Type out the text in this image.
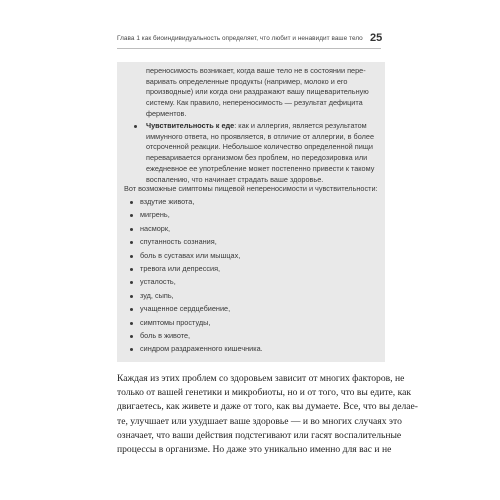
Глава 1 как биоиндивидуальность определяет, что любит и ненавидит ваше тело 25
переносимость возникает, когда ваше тело не в состоянии пере-
варивать определенные продукты (например, молоко и его
производные) или когда они раздражают вашу пищеварительную
систему. Как правило, непереносимость — результат дефицита
ферментов.
Чувствительность к еде: как и аллергия, является результатом
иммунного ответа, но проявляется, в отличие от аллергии, в более
отсроченной реакции. Небольшое количество определенной пищи
переваривается организмом без проблем, но передозировка или
ежедневное ее употребление может постепенно привести к такому
воспалению, что начинает страдать ваше здоровье.
Вот возможные симптомы пищевой непереносимости и чувствительности:
Каждая из этих проблем со здоровьем зависит от многих факторов, не
только от вашей генетики и микробиоты, но и от того, что вы едите, как
двигаетесь, как живете и даже от того, как вы думаете. Все, что вы делае-
те, улучшает или ухудшает ваше здоровье — и во многих случаях это
означает, что ваши действия подстегивают или гасят воспалительные
процессы в организме. Но даже это уникально именно для вас и не
вздутие живота,
мигрень,
насморк,
спутанность сознания,
боль в суставах или мышцах,
тревога или депрессия,
усталость,
зуд, сыпь,
учащенное сердцебиение,
симптомы простуды,
боль в животе,
синдром раздраженного кишечника.
